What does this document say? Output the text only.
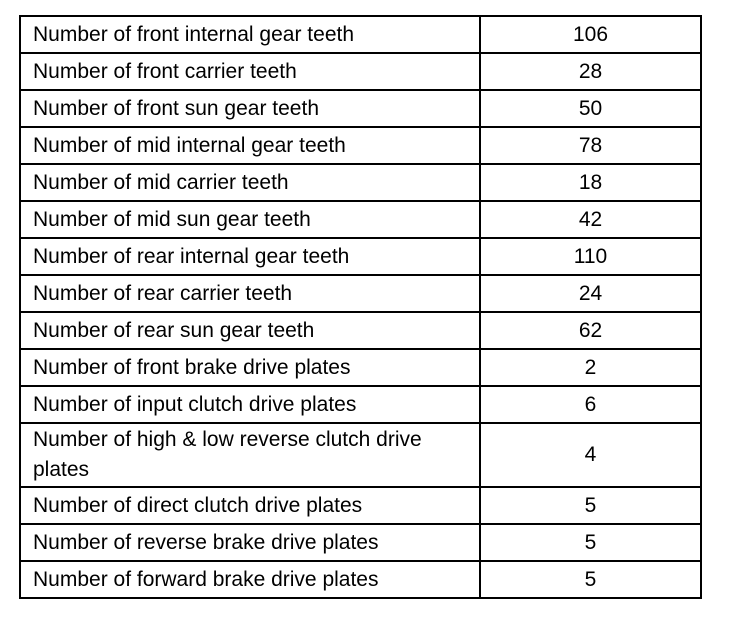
Number of front internal gear teeth	106
Number of front carrier teeth	28
Number of front sun gear teeth	50
Number of mid internal gear teeth	78
Number of mid carrier teeth	18
Number of mid sun gear teeth	42
Number of rear internal gear teeth	110
Number of rear carrier teeth	24
Number of rear sun gear teeth	62
Number of front brake drive plates	2
Number of input clutch drive plates	6
Number of high & low reverse clutch drive plates	4
Number of direct clutch drive plates	5
Number of reverse brake drive plates	5
Number of forward brake drive plates	5
